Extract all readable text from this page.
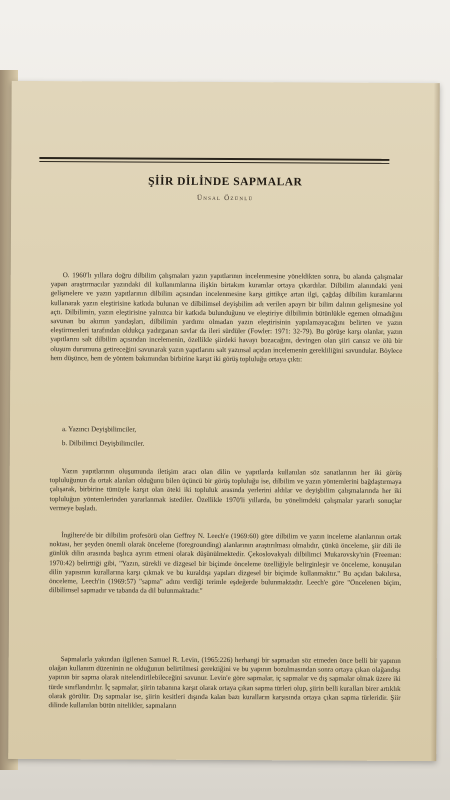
ŞİİR DİLİNDE SAPMALAR
Ünsal Özünlü
O. 1960'lı yıllara doğru dilbilim çalışmaları yazın yapıtlarının incelenmesine yöneldikten sonra, bu alanda çalışmalar yapan araştırmacılar yazındaki dil kullanımlarına ilişkin birtakım kuramlar ortaya çıkardılar. Dilbilim alanındaki yeni gelişmelere ve yazın yapıtlarının dilbilim açısından incelenmesine karşı gittikçe artan ilgi, çağdaş dilbilim kuramlarını kullanarak yazın eleştirisine katkıda bulunan ve dilbilimsel deyişbilim adı verilen apayrı bir bilim dalının gelişmesine yol açtı. Dilbilimin, yazın eleştirisine yalnızca bir katkıda bulunduğunu ve eleştiriye dilbilimin bütünlükle egemen olmadığını savunan bu akımın yandaşları, dilbilimin yardımı olmadan yazın eleştirisinin yapılamayacağını belirten ve yazın eleştirmenleri tarafından oldukça yadırganan savlar da ileri sürdüler (Fowler: 1971: 32-79). Bu görüşe karşı olanlar, yazın yapıtlarını salt dilbilim açısından incelemenin, özellikle şiirdeki havayı bozacağını, devingen olan şiiri cansız ve ölü bir oluşum durumuna getireceğini savunarak yazın yapıtlarını salt yazınsal açıdan incelemenin gerekliliğini savundular. Böylece hem düşünce, hem de yöntem bakımından birbirine karşıt iki görüş topluluğu ortaya çıktı:
a. Yazıncı Deyişbilimciler,
b. Dilbilimci Deyişbilimciler.
Yazın yapıtlarının oluşumunda iletişim aracı olan dilin ve yapıtlarda kullanılan söz sanatlarının her iki görüş topluluğunun da ortak alanları olduğunu bilen üçüncü bir görüş topluluğu ise, dilbilim ve yazın yöntemlerini bağdaştırmaya çalışarak, birbirine tümüyle karşıt olan öteki iki topluluk arasında yerlerini aldılar ve deyişbilim çalışmalarında her iki topluluğun yöntemlerinden yararlanmak istediler. Özellikle 1970'li yıllarda, bu yönelimdeki çalışmalar yararlı sonuçlar vermeye başladı.
İngiltere'de bir dilbilim profesörü olan Geffrey N. Leech'e (1969:60) göre dilbilim ve yazın inceleme alanlarının ortak noktası, her şeyden önemli olarak önceleme (foregrounding) alanlarının araştırılması olmalıdır, çünkü önceleme, şiir dili ile günlük dilin arasında başlıca ayrım etmeni olarak düşünülmektedir. Çekoslovakyalı dilbilimci Mukarovsky'nin (Freeman: 1970:42) belirttiği gibi, "Yazın, sürekli ve dizgesel bir biçimde önceleme özelliğiyle belirginleşir ve önceleme, konuşulan dilin yapısının kurallarına karşı çıkmak ve bu kuraldışı yapıları dizgesel bir biçimde kullanmaktır." Bu açıdan bakılırsa, önceleme, Leech'in (1969:57) "sapma" adını verdiği terimle eşdeğerde bulunmaktadır. Leech'e göre "Öncelenen biçim, dilbilimsel sapmadır ve tabanda da dil bulunmaktadır."
Sapmalarla yakından ilgilenen Samuel R. Levin, (1965:226) herhangi bir sapmadan söz etmeden önce belli bir yapının olağan kullanım düzeninin ne olduğunun belirtilmesi gerektiğini ve bu yapının bozulmasından sonra ortaya çıkan olağandışı yapının bir sapma olarak nitelendirilebileceğini savunur. Levin'e göre sapmalar, iç sapmalar ve dış sapmalar olmak üzere iki türde sınıflandırılır. İç sapmalar, şiirin tabanına karşıt olarak ortaya çıkan sapma türleri olup, şiirin belli kuralları birer artıklık olarak görülür. Dış sapmalar ise, şiirin kesitleri dışında kalan bazı kuralların karşısında ortaya çıkan sapma türleridir. Şiir dilinde kullanılan bütün nitelikler, sapmaların
